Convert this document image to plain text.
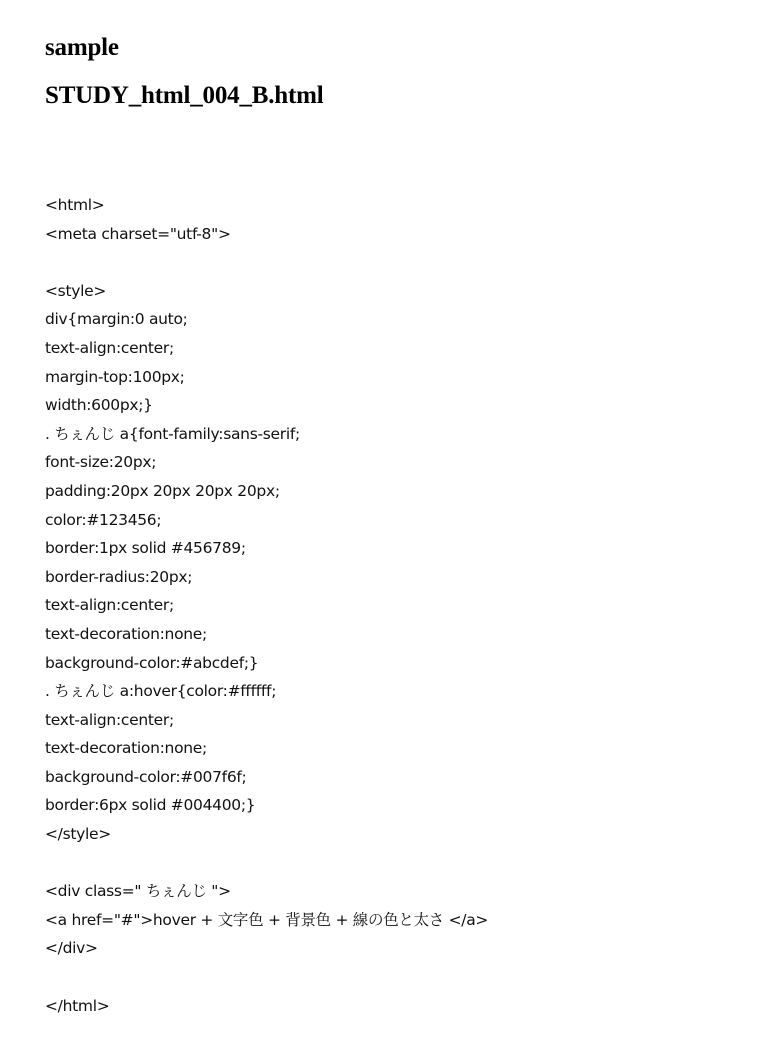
sample
STUDY_html_004_B.html
<html>
<meta charset="utf-8">
<style>
div{margin:0 auto;
text-align:center;
margin-top:100px;
width:600px;}
. ちぇんじ a{font-family:sans-serif;
font-size:20px;
padding:20px 20px 20px 20px;
color:#123456;
border:1px solid #456789;
border-radius:20px;
text-align:center;
text-decoration:none;
background-color:#abcdef;}
. ちぇんじ a:hover{color:#ffffff;
text-align:center;
text-decoration:none;
background-color:#007f6f;
border:6px solid #004400;}
</style>
<div class=" ちぇんじ ">
<a href="#">hover + 文字色 + 背景色 + 線の色と太さ </a>
</div>
</html>
